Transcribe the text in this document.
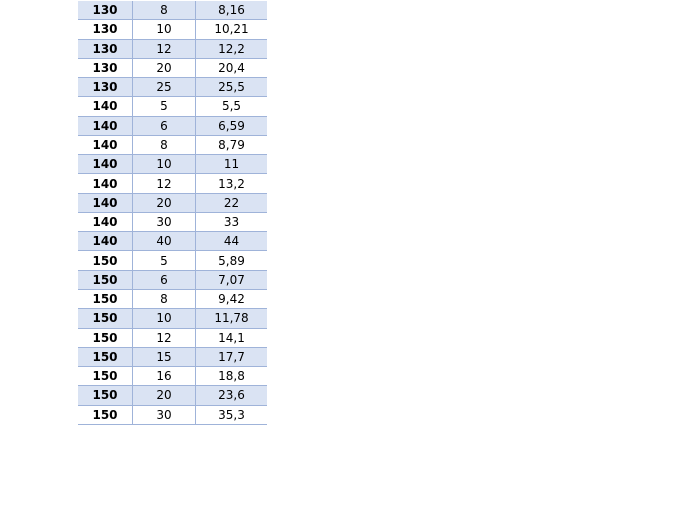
130	8	8,16
130	10	10,21
130	12	12,2
130	20	20,4
130	25	25,5
140	5	5,5
140	6	6,59
140	8	8,79
140	10	11
140	12	13,2
140	20	22
140	30	33
140	40	44
150	5	5,89
150	6	7,07
150	8	9,42
150	10	11,78
150	12	14,1
150	15	17,7
150	16	18,8
150	20	23,6
150	30	35,3
